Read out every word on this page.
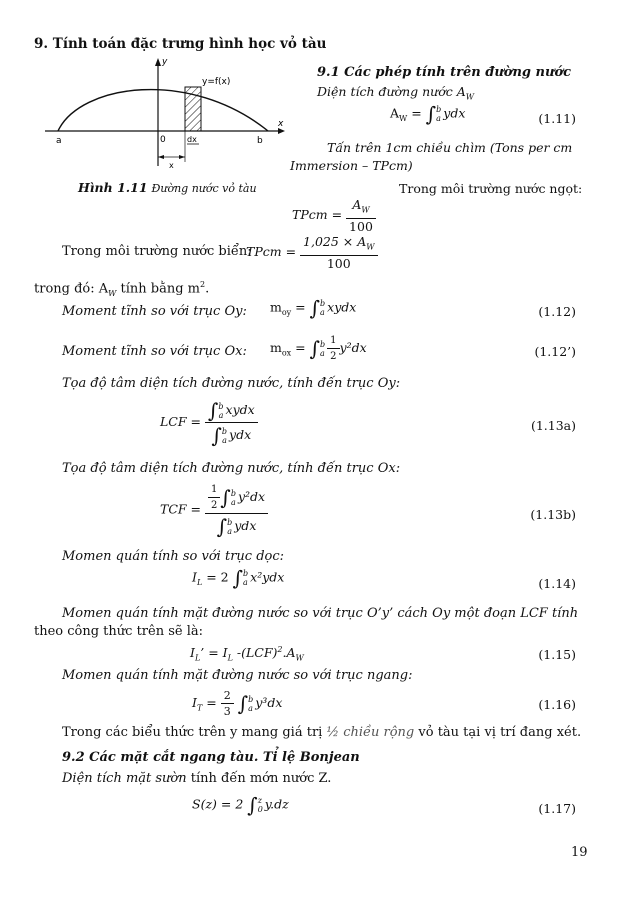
9. Tính toán đặc trưng hình học vỏ tàu
y
y=f(x)
x
0
a	b
dx
x
Hình 1.11 Đường nước vỏ tàu
9.1 Các phép tính trên đường nước
Diện tích đường nước $A_W$
$A_W = \int b$
a ydx	(1.11)
Tấn trên 1cm chiều chìm (Tons per cm
Immersion – TPcm)
Trong môi trường nước ngọt:
TPcm = $\frac{A_W}{100}$
Trong môi trường nước biển:
TPcm = $\frac{1,025 \times A_W}{100}$
trong đó: $A_W$ tính bằng $m^2$.
Moment tĩnh so với trục Oy: $m_{oy} = \int b$
a xydx	(1.12)
Moment tĩnh so với trục Ox: $m_{ox} = \int b$
a $\frac{1}{2} y^2dx$	(1.12’)
Tọa độ tâm diện tích đường nước, tính đến trục Oy:
LCF = ∫b
a xydx
∫b
a ydx
(1.13a)
Tọa độ tâm diện tích đường nước, tính đến trục Ox:
TCF = $\frac{1}{2} \int b$
a y²dx
∫b
a ydx
(1.13b)
Momen quán tính so với trục dọc:
$I_L = 2$ ∫b
a x²ydx	(1.14)
Momen quán tính mặt đường nước so với trục O’y’ cách Oy một đoạn LCF tính
theo công thức trên sẽ là:
$I_L$’ = $I_L$ $-(LCF)^2.A_W$	(1.15)
Momen quán tính mặt đường nước so với trục ngang:
$I_T = \frac{2}{3} \int b$
a y³dx	(1.16)
Trong các biểu thức trên y mang giá trị ½ chiều rộng vỏ tàu tại vị trí đang xét.
9.2 Các mặt cắt ngang tàu. Tỉ lệ Bonjean
Diện tích mặt sườn tính đến mớn nước Z.
S(z) = 2 ∫z
0 y.dz	(1.17)
19
